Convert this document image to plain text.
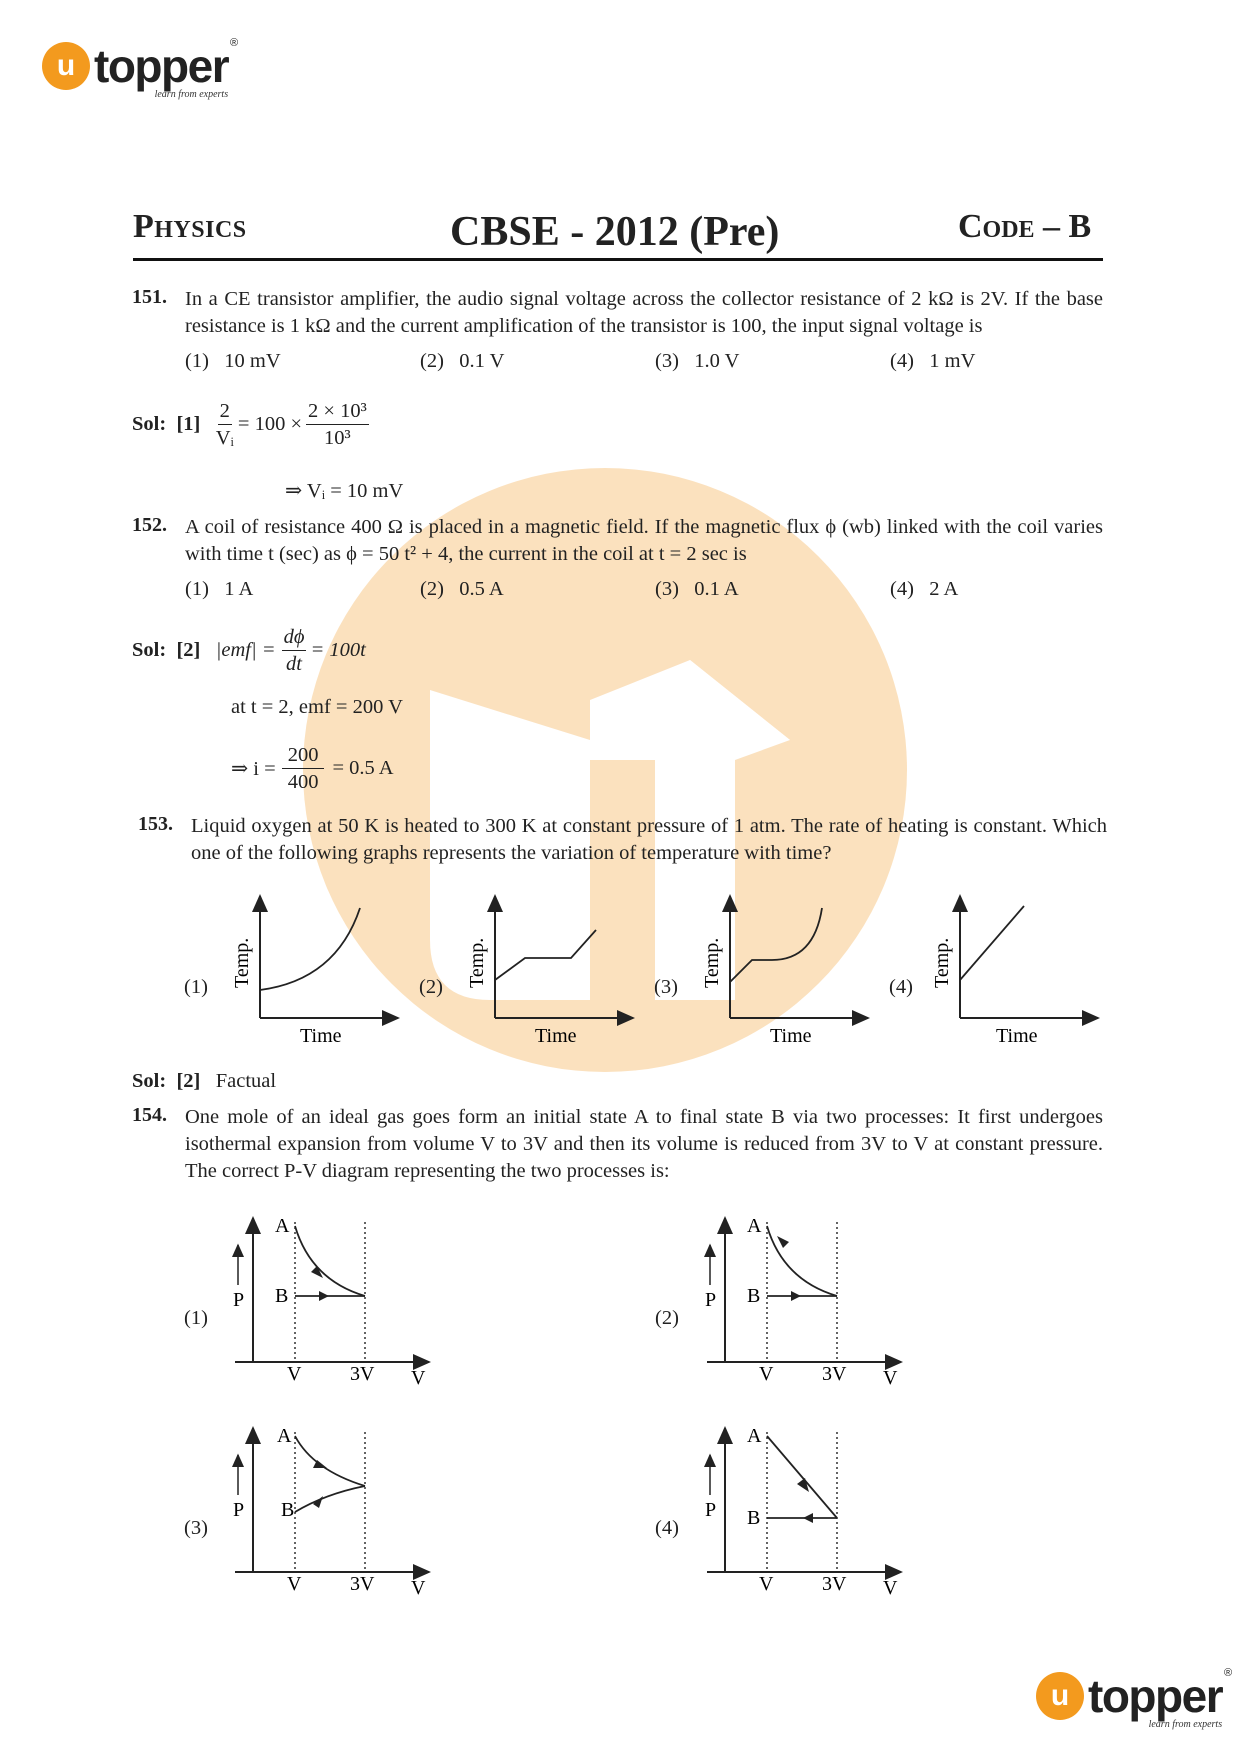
u topper ®
learn from experts
Physics	CBSE - 2012 (Pre)	Code – B
151. In a CE transistor amplifier, the audio signal voltage across the collector resistance of 2 kΩ is 2V. If the base resistance is 1 kΩ and the current amplification of the transistor is 100, the input signal voltage is
(1) 10 mV	(2) 0.1 V	(3) 1.0 V	(4) 1 mV
Sol:
[1]
$\frac{2}{\text{Vᵢ}} = 100 \times \frac{\text{2 × 10³}}{\text{10³}}$
⇒ Vᵢ = 10 mV
152. A coil of resistance 400 Ω is placed in a magnetic field. If the magnetic flux ϕ (wb) linked with the coil varies with time t (sec) as ϕ = 50 t² + 4, the current in the coil at t = 2 sec is
(1) 1 A	(2) 0.5 A	(3) 0.1 A	(4) 2 A
Sol:
[2]
$|emf| = \frac{d\phi}{dt} = 100t$
at t = 2, emf = 200 V
⇒ $i = \frac{200}{400} = 0.5$ A
153. Liquid oxygen at 50 K is heated to 300 K at constant pressure of 1 atm. The rate of heating is constant. Which one of the following graphs represents the variation of temperature with time?
(1) Temp.
Time
(2) Temp.
Time
(3) Temp.
Time
(4) Temp.
Time
Sol: [2] Factual
154. One mole of an ideal gas goes form an initial state A to final state B via two processes: It first undergoes isothermal expansion from volume V to 3V and then its volume is reduced from 3V to V at constant pressure. The correct P-V diagram representing the two processes is:
(1)
A
B
P
V 3V V
(2)
A
B
P
V 3V V
(3)
A
B
P
V 3V V
(4)
A
B
P
V 3V V
u topper ®
learn from experts
